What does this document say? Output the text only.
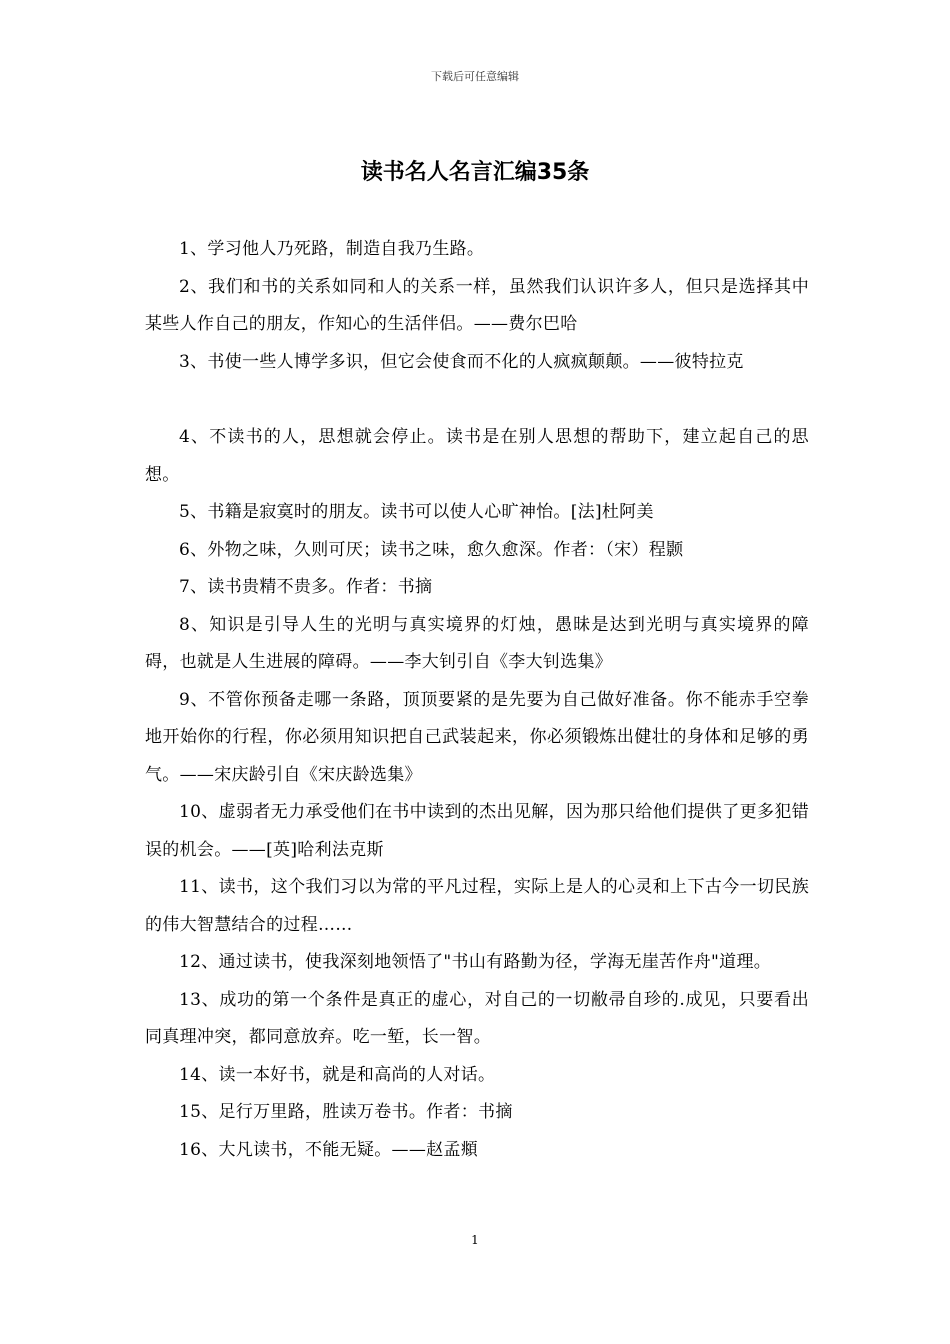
下载后可任意编辑
读书名人名言汇编35条

1、学习他人乃死路，制造自我乃生路。

2、我们和书的关系如同和人的关系一样，虽然我们认识许多人，但只是选择其中某些人作自己的朋友，作知心的生活伴侣。——费尔巴哈

3、书使一些人博学多识，但它会使食而不化的人疯疯颠颠。——彼特拉克

4、不读书的人，思想就会停止。读书是在别人思想的帮助下，建立起自己的思想。

5、书籍是寂寞时的朋友。读书可以使人心旷神怡。[法]杜阿美

6、外物之味，久则可厌；读书之味，愈久愈深。作者：（宋）程颢

7、读书贵精不贵多。作者：书摘

8、知识是引导人生的光明与真实境界的灯烛，愚昧是达到光明与真实境界的障碍，也就是人生进展的障碍。——李大钊引自《李大钊选集》

9、不管你预备走哪一条路，顶顶要紧的是先要为自己做好准备。你不能赤手空拳地开始你的行程，你必须用知识把自己武装起来，你必须锻炼出健壮的身体和足够的勇气。——宋庆龄引自《宋庆龄选集》

10、虚弱者无力承受他们在书中读到的杰出见解，因为那只给他们提供了更多犯错误的机会。——[英]哈利法克斯

11、读书，这个我们习以为常的平凡过程，实际上是人的心灵和上下古今一切民族的伟大智慧结合的过程……

12、通过读书，使我深刻地领悟了"书山有路勤为径，学海无崖苦作舟"道理。

13、成功的第一个条件是真正的虚心，对自己的一切敝帚自珍的.成见，只要看出同真理冲突，都同意放弃。吃一堑，长一智。

14、读一本好书，就是和高尚的人对话。

15、足行万里路，胜读万卷书。作者：书摘

16、大凡读书，不能无疑。——赵孟頫

1
